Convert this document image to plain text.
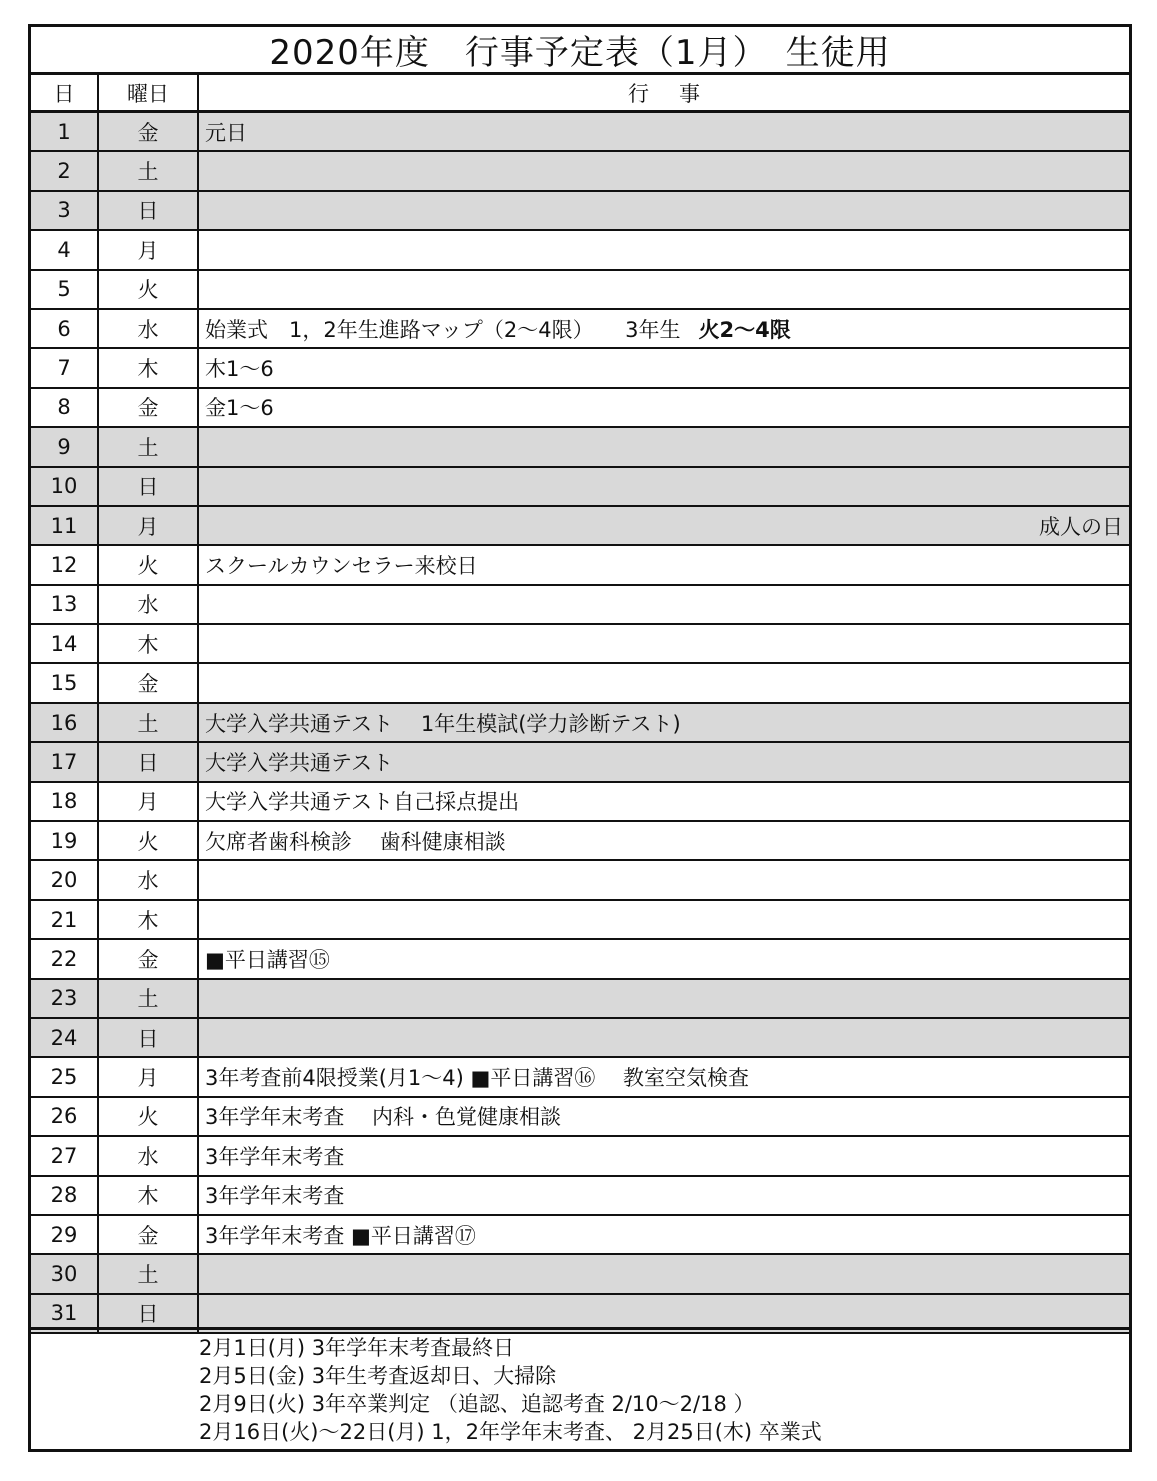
2020年度　行事予定表（1月）　生徒用
日	曜日	行事
1	金	元日
2	土
3	日
4	月
5	火
6	水	始業式　1，2年生進路マップ（2～4限）　　3年生 火2～4限
7	木	木1～6
8	金	金1～6
9	土
10	日
11	月	成人の日
12	火	スクールカウンセラー来校日
13	水
14	木
15	金
16	土	大学入学共通テスト　 1年生模試(学力診断テスト)
17	日	大学入学共通テスト
18	月	大学入学共通テスト自己採点提出
19	火	欠席者歯科検診　 歯科健康相談
20	水
21	木
22	金	■平日講習⑮
23	土
24	日
25	月	3年考査前4限授業(月1～4) ■平日講習⑯　 教室空気検査
26	火	3年学年末考査　 内科・色覚健康相談
27	水	3年学年末考査
28	木	3年学年末考査
29	金	3年学年末考査 ■平日講習⑰
30	土
31	日
2月1日(月) 3年学年末考査最終日
2月5日(金) 3年生考査返却日、大掃除
2月9日(火) 3年卒業判定 （追認、追認考査 2/10～2/18 ）
2月16日(火)～22日(月) 1，2年学年末考査、 2月25日(木) 卒業式
